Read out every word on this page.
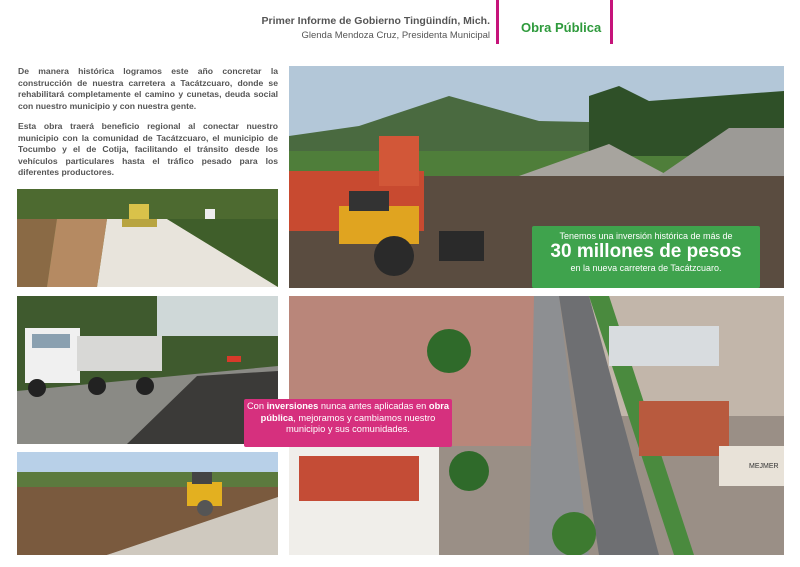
Primer Informe de Gobierno Tingüindín, Mich.
Glenda Mendoza Cruz, Presidenta Municipal
Obra Pública
De manera histórica logramos este año concretar la construcción de nuestra carretera a Tacátzcuaro, donde se rehabilitará completamente el camino y cunetas, deuda social con nuestro municipio y con nuestra gente.
Esta obra traerá beneficio regional al conectar nuestro municipio con la comunidad de Tacátzcuaro, el municipio de Tocumbo y el de Cotija, facilitando el tránsito desde los vehículos particulares hasta el tráfico pesado para los diferentes productores.
MEJMER
Tenemos una inversión histórica de más de
30 millones de pesos
en la nueva carretera de Tacátzcuaro.
Con inversiones nunca antes aplicadas en obra pública, mejoramos y cambiamos nuestro municipio y sus comunidades.
